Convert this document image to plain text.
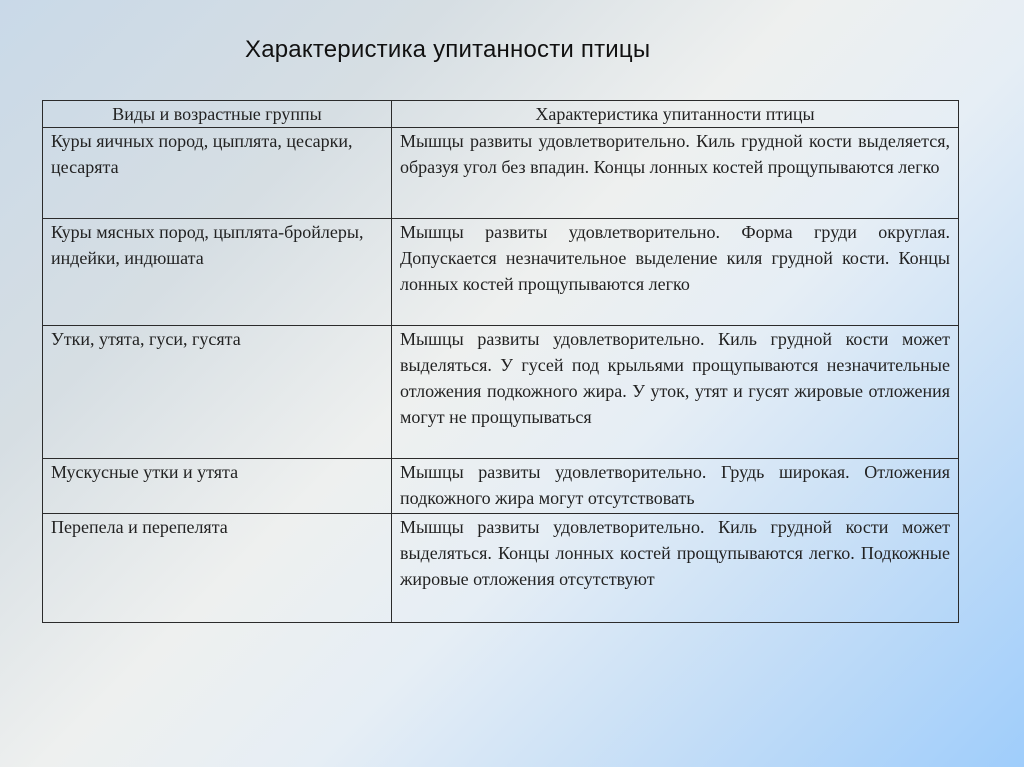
Характеристика упитанности птицы
Виды и возрастные группы	Характеристика упитанности птицы
Куры яичных пород, цыплята, цесарки, цесарята	Мышцы развиты удовлетворительно. Киль грудной кости выделяется, образуя угол без впадин. Концы лонных костей прощупываются легко
Куры мясных пород, цыплята-бройлеры, индейки, индюшата	Мышцы развиты удовлетворительно. Форма груди округлая. Допускается незначительное выделение киля грудной кости. Концы лонных костей прощупываются легко
Утки, утята, гуси, гусята	Мышцы развиты удовлетворительно. Киль грудной кости может выделяться. У гусей под крыльями прощупываются незначительные отложения подкожного жира. У уток, утят и гусят жировые отложения могут не прощупываться
Мускусные утки и утята	Мышцы развиты удовлетворительно. Грудь широкая. Отложения подкожного жира могут отсутствовать
Перепела и перепелята	Мышцы развиты удовлетворительно. Киль грудной кости может выделяться. Концы лонных костей прощупываются легко. Подкожные жировые отложения отсутствуют
